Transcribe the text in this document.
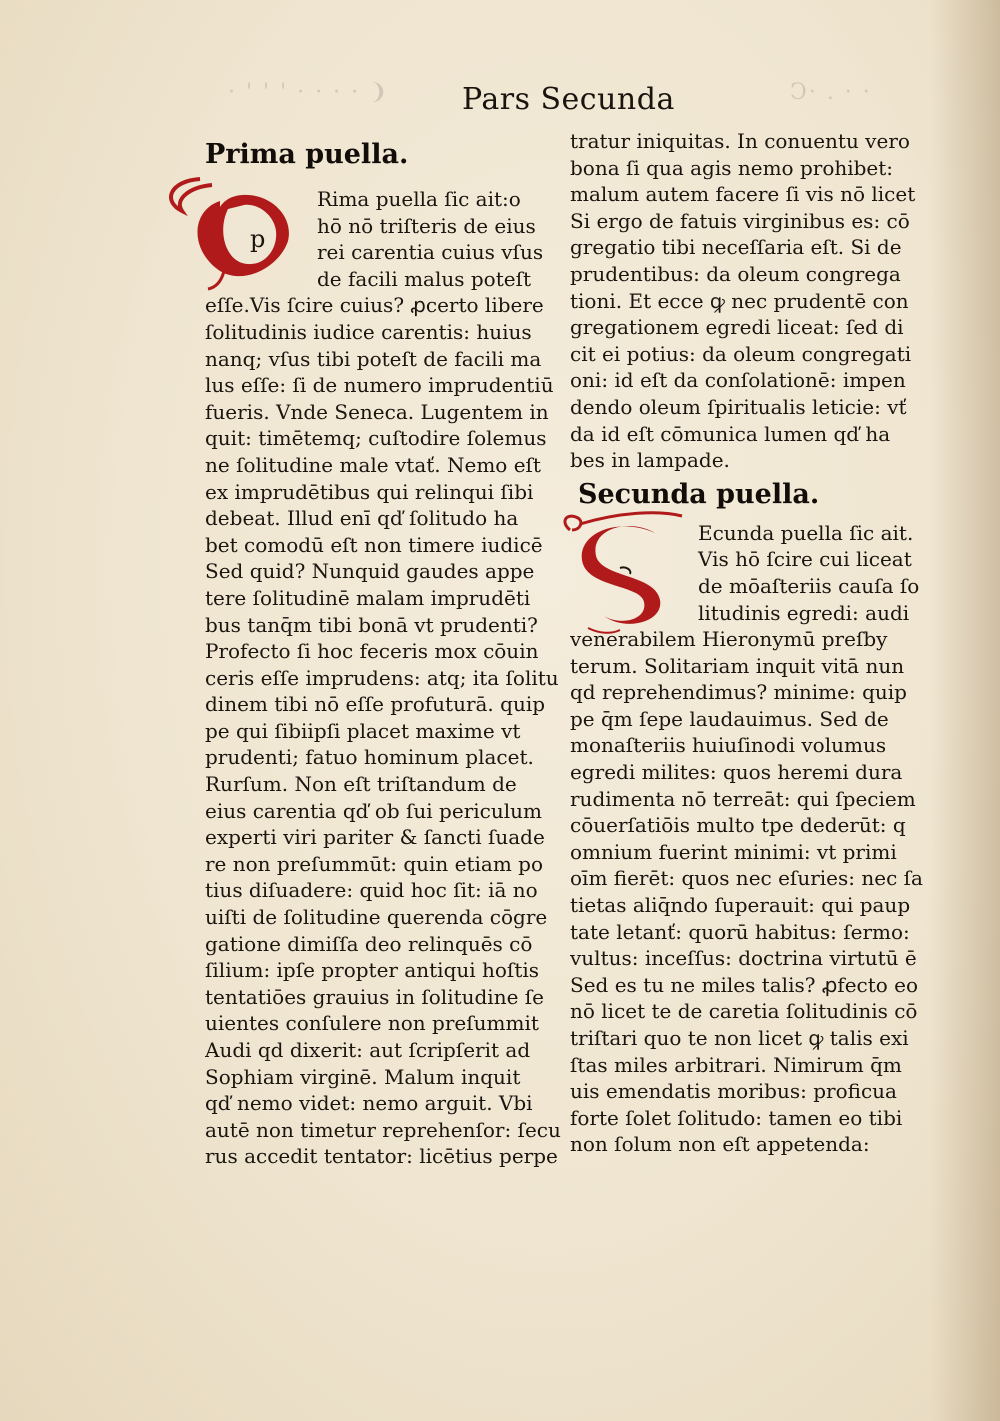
· ' ' ' · · · · ❩	Ͻ· . · ·
Pars Secunda
Prima puella.
p
Rima puella ſic ait:o
hō nō triſteris de eius
rei carentia cuius vſus
de facili malus poteſt
eſſe.Vis ſcire cuius? ꝓcerto libere
ſolitudinis iudice carentis: huius
nanq; vſus tibi poteſt de facili ma
lus eſſe: ſi de numero imprudentiū
fueris. Vnde Seneca. Lugentem in
quit: timētemq; cuſtodire ſolemus
ne ſolitudine male vtať. Nemo eſt
ex imprudētibus qui relinqui ſibi
debeat. Illud enī qď ſolitudo ha
bet comodū eſt non timere iudicē
Sed quid? Nunquid gaudes appe
tere ſolitudinē malam imprudēti
bus tanq̄m tibi bonā vt prudenti?
Profecto ſi hoc feceris mox cōuin
ceris eſſe imprudens: atq; ita ſolitu
dinem tibi nō eſſe profuturā. quip
pe qui ſibiipſi placet maxime vt
prudenti; fatuo hominum placet.
Rurſum. Non eſt triſtandum de
eius carentia qď ob ſui periculum
experti viri pariter & ſancti ſuade
re non preſummūt: quin etiam po
tius diſuadere: quid hoc ſit: iā no
uiſti de ſolitudine querenda cōgre
gatione dimiſſa deo relinquēs cō
ſilium: ipſe propter antiqui hoſtis
tentatiōes grauius in ſolitudine ſe
uientes conſulere non preſummit
Audi qd dixerit: aut ſcripſerit ad
Sophiam virginē. Malum inquit
qď nemo videt: nemo arguit. Vbi
autē non timetur reprehenſor: ſecu
rus accedit tentator: licētius perpe
tratur iniquitas. In conuentu vero
bona ſi qua agis nemo prohibet:
malum autem facere ſi vis nō licet
Si ergo de fatuis virginibus es: cō
gregatio tibi neceſſaria eſt. Si de
prudentibus: da oleum congrega
tioni. Et ecce ꝙ nec prudentē con
gregationem egredi liceat: ſed di
cit ei potius: da oleum congregati
oni: id eſt da conſolationē: impen
dendo oleum ſpiritualis leticie: vť
da id eſt cōmunica lumen qď ha
bes in lampade.
Secunda puella.
Ecunda puella ſic ait.
Vis hō ſcire cui liceat
de mōaſteriis cauſa ſo
litudinis egredi: audi
venerabilem Hieronymū preſby
terum. Solitariam inquit vitā nun
qd reprehendimus? minime: quip
pe q̄m ſepe laudauimus. Sed de
monaſteriis huiuſinodi volumus
egredi milites: quos heremi dura
rudimenta nō terreāt: qui ſpeciem
cōuerſatiōis multo tpe dederūt: q
omnium fuerint minimi: vt primi
oīm fierēt: quos nec eſuries: nec ſa
tietas aliq̄ndo ſuperauit: qui paup
tate letanť: quorū habitus: ſermo:
vultus: inceſſus: doctrina virtutū ē
Sed es tu ne miles talis? ꝓfecto eo
nō licet te de caretia ſolitudinis cō
triſtari quo te non licet ꝙ talis exi
ſtas miles arbitrari. Nimirum q̄m
uis emendatis moribus: proficua
forte ſolet ſolitudo: tamen eo tibi
non ſolum non eſt appetenda:
